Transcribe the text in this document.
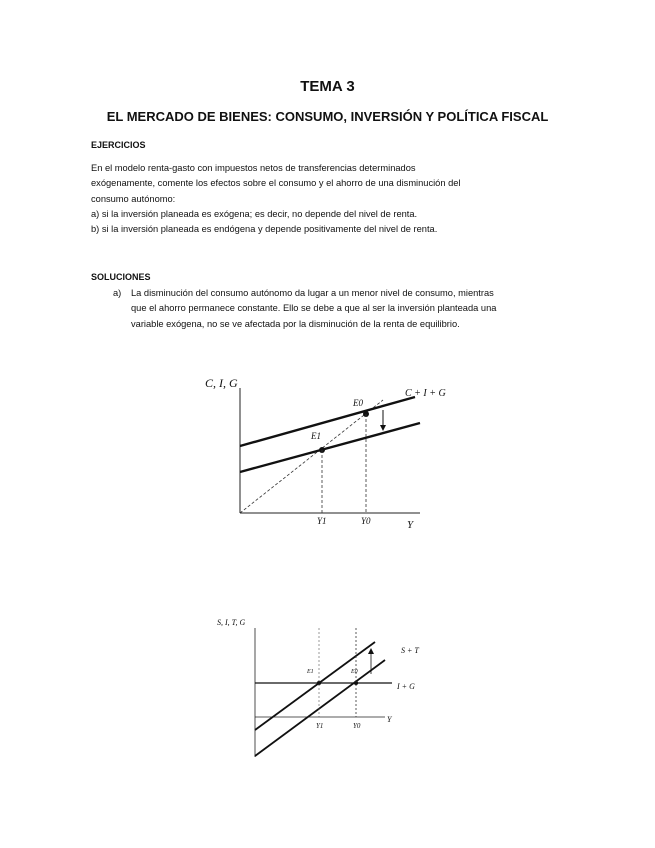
TEMA 3
EL MERCADO DE BIENES: CONSUMO, INVERSIÓN Y POLÍTICA FISCAL
EJERCICIOS
En el modelo renta-gasto con impuestos netos de transferencias determinados
exógenamente, comente los efectos sobre el consumo y el ahorro de una disminución del
consumo autónomo:
a) si la inversión planeada es exógena; es decir, no depende del nivel de renta.
b) si la inversión planeada es endógena y depende positivamente del nivel de renta.
SOLUCIONES
a) La disminución del consumo autónomo da lugar a un menor nivel de consumo, mientras
que el ahorro permanece constante. Ello se debe a que al ser la inversión planteada una
variable exógena, no se ve afectada por la disminución de la renta de equilibrio.
C, I, G
Y
C + I + G
E0
E1
Y1	Y0
S, I, T, G
Y
I + G
S + T
E1	E0
Y1	Y0
